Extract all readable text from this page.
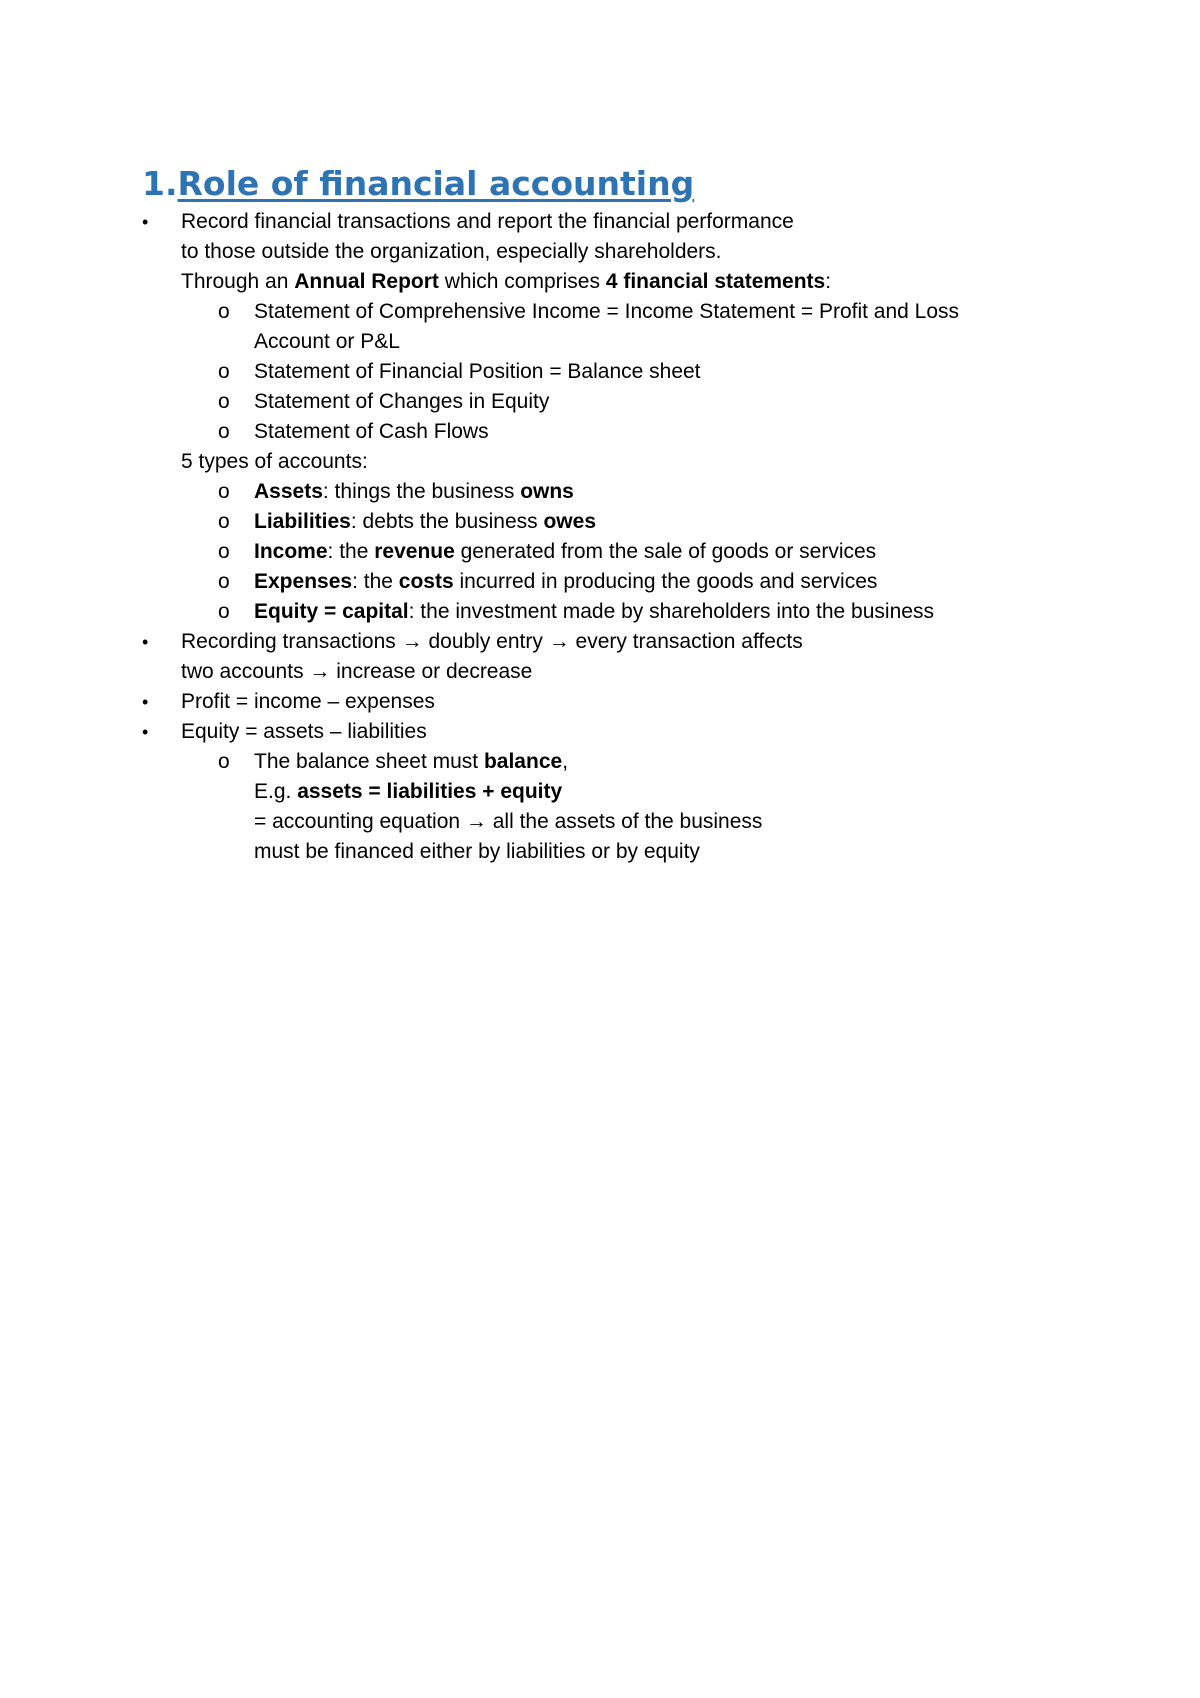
1.Role of financial accounting
• Record financial transactions and report the financial performance
to those outside the organization, especially shareholders.
Through an Annual Report which comprises 4 financial statements:
o Statement of Comprehensive Income = Income Statement = Profit and Loss
Account or P&L
o Statement of Financial Position = Balance sheet
o Statement of Changes in Equity
o Statement of Cash Flows
5 types of accounts:
o Assets: things the business owns
o Liabilities: debts the business owes
o Income: the revenue generated from the sale of goods or services
o Expenses: the costs incurred in producing the goods and services
o Equity = capital: the investment made by shareholders into the business
• Recording transactions → doubly entry → every transaction affects
two accounts → increase or decrease
• Profit = income – expenses
• Equity = assets – liabilities
o The balance sheet must balance,
E.g. assets = liabilities + equity
= accounting equation → all the assets of the business
must be financed either by liabilities or by equity
